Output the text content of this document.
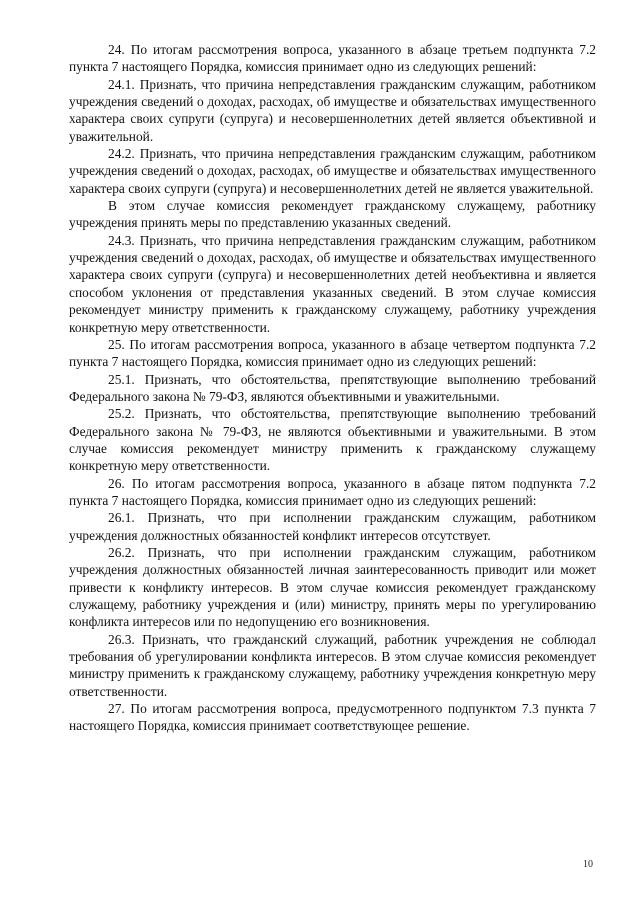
24. По итогам рассмотрения вопроса, указанного в абзаце третьем подпункта 7.2 пункта 7 настоящего Порядка, комиссия принимает одно из следующих решений:

24.1. Признать, что причина непредставления гражданским служащим, работником учреждения сведений о доходах, расходах, об имуществе и обязательствах имущественного характера своих супруги (супруга) и несовершеннолетних детей является объективной и уважительной.

24.2. Признать, что причина непредставления гражданским служащим, работником учреждения сведений о доходах, расходах, об имуществе и обязательствах имущественного характера своих супруги (супруга) и несовершеннолетних детей не является уважительной.

В этом случае комиссия рекомендует гражданскому служащему, работнику учреждения принять меры по представлению указанных сведений.

24.3. Признать, что причина непредставления гражданским служащим, работником учреждения сведений о доходах, расходах, об имуществе и обязательствах имущественного характера своих супруги (супруга) и несовершеннолетних детей необъективна и является способом уклонения от представления указанных сведений. В этом случае комиссия рекомендует министру применить к гражданскому служащему, работнику учреждения конкретную меру ответственности.

25. По итогам рассмотрения вопроса, указанного в абзаце четвертом подпункта 7.2 пункта 7 настоящего Порядка, комиссия принимает одно из следующих решений:

25.1. Признать, что обстоятельства, препятствующие выполнению требований Федерального закона № 79-ФЗ, являются объективными и уважительными.

25.2. Признать, что обстоятельства, препятствующие выполнению требований Федерального закона № 79-ФЗ, не являются объективными и уважительными. В этом случае комиссия рекомендует министру применить к гражданскому служащему конкретную меру ответственности.

26. По итогам рассмотрения вопроса, указанного в абзаце пятом подпункта 7.2 пункта 7 настоящего Порядка, комиссия принимает одно из следующих решений:

26.1. Признать, что при исполнении гражданским служащим, работником учреждения должностных обязанностей конфликт интересов отсутствует.

26.2. Признать, что при исполнении гражданским служащим, работником учреждения должностных обязанностей личная заинтересованность приводит или может привести к конфликту интересов. В этом случае комиссия рекомендует гражданскому служащему, работнику учреждения и (или) министру, принять меры по урегулированию конфликта интересов или по недопущению его возникновения.

26.3. Признать, что гражданский служащий, работник учреждения не соблюдал требования об урегулировании конфликта интересов. В этом случае комиссия рекомендует министру применить к гражданскому служащему, работнику учреждения конкретную меру ответственности.

27. По итогам рассмотрения вопроса, предусмотренного подпунктом 7.3 пункта 7 настоящего Порядка, комиссия принимает соответствующее решение.

10
